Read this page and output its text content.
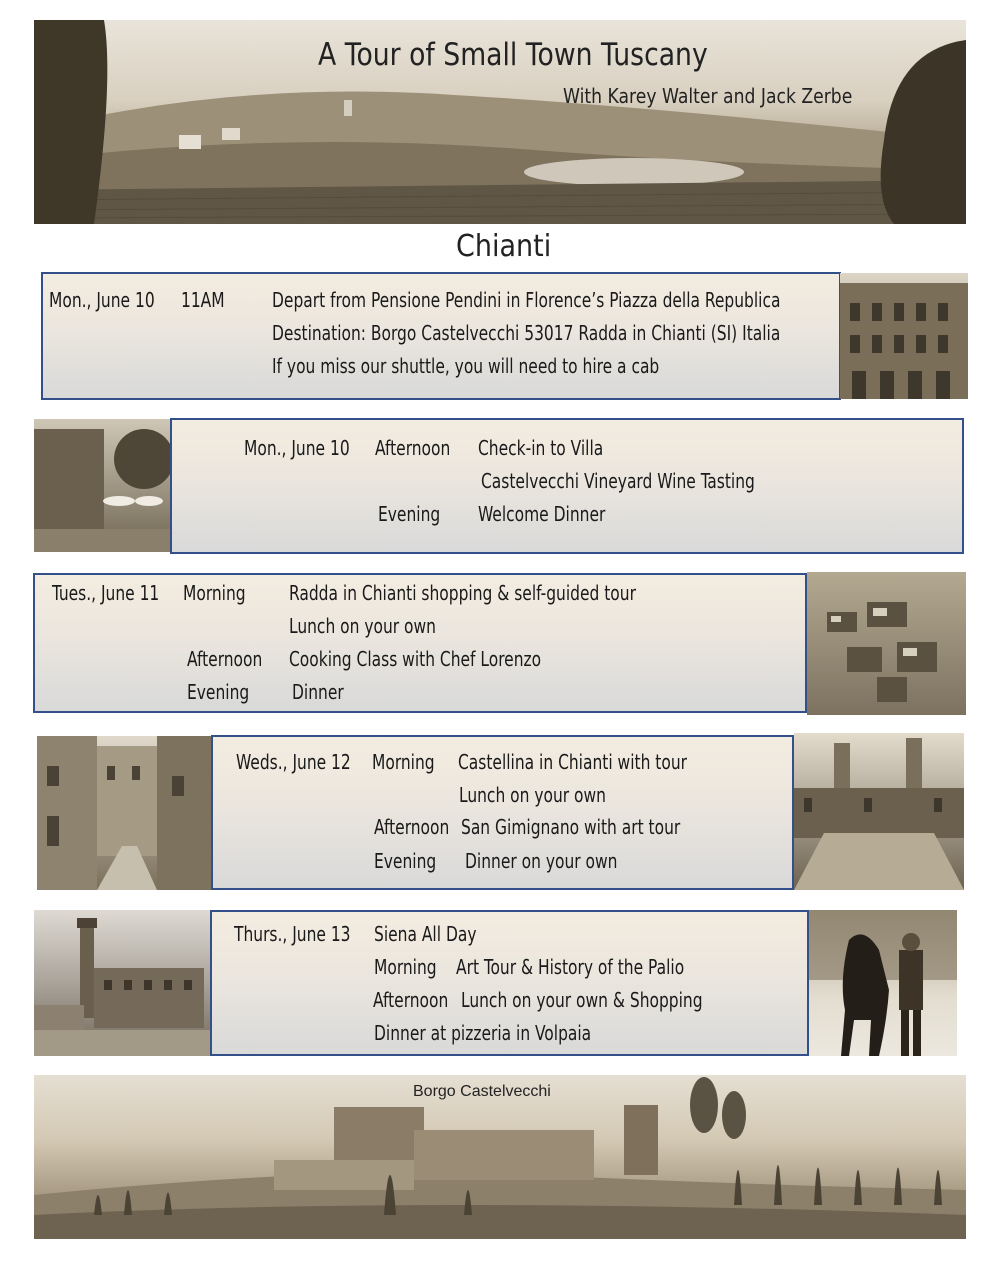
A Tour of Small Town Tuscany
With Karey Walter and Jack Zerbe
Chianti
Mon., June 10 11AM Depart from Pensione Pendini in Florence’s Piazza della Republica
Destination: Borgo Castelvecchi 53017 Radda in Chianti (SI) Italia
If you miss our shuttle, you will need to hire a cab
Mon., June 10 Afternoon Check-in to Villa
Castelvecchi Vineyard Wine Tasting
Evening Welcome Dinner
Tues., June 11 Morning Radda in Chianti shopping & self-guided tour
Lunch on your own
Afternoon Cooking Class with Chef Lorenzo
Evening Dinner
Weds., June 12 Morning Castellina in Chianti with tour
Lunch on your own
Afternoon San Gimignano with art tour
Evening Dinner on your own
Thurs., June 13 Siena All Day
Morning Art Tour & History of the Palio
Afternoon Lunch on your own & Shopping
Dinner at pizzeria in Volpaia
Borgo Castelvecchi
